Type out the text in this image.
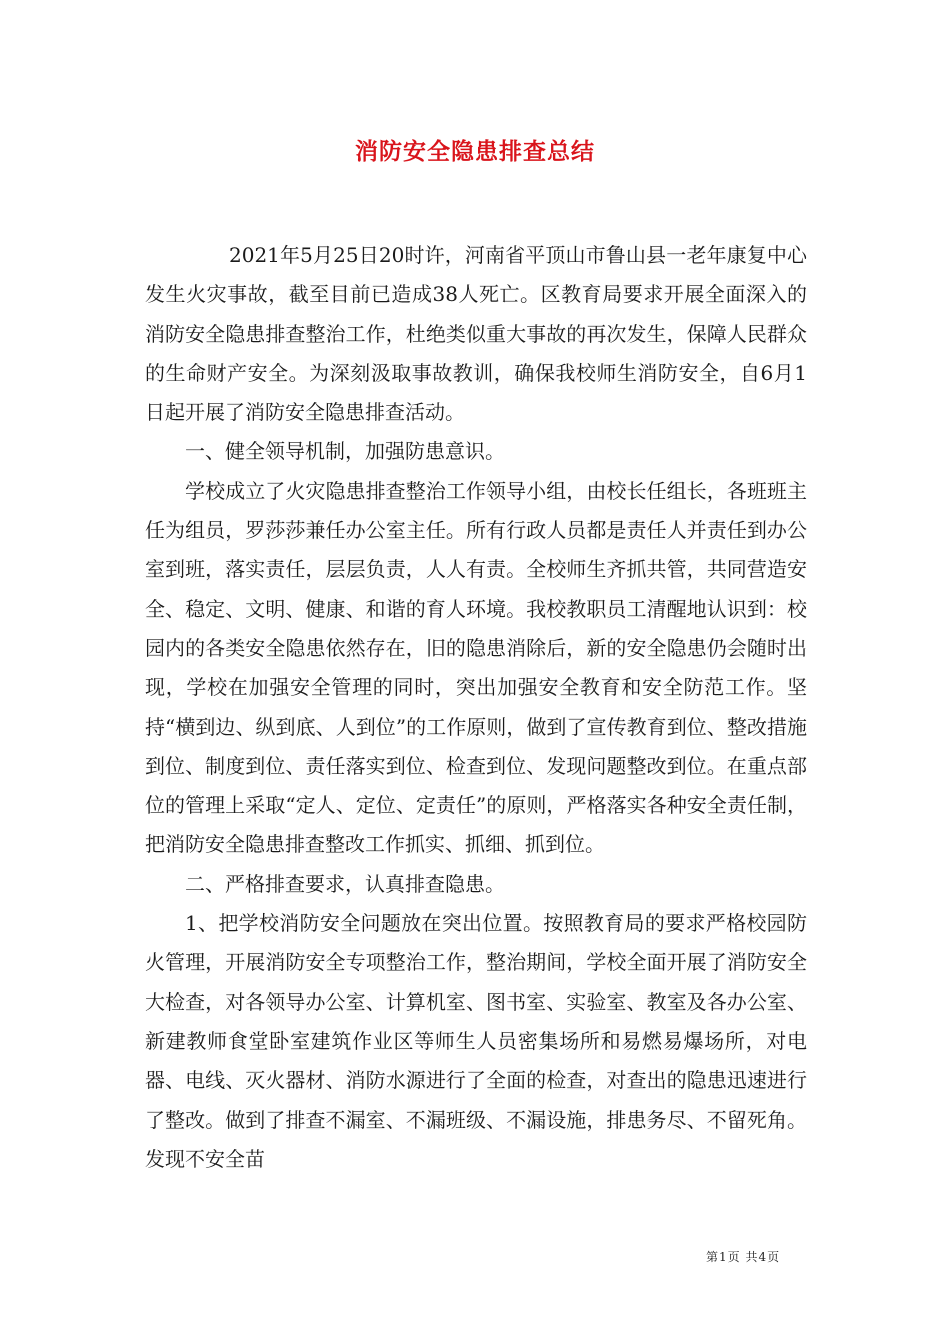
消防安全隐患排查总结

2021年5月25日20时许，河南省平顶山市鲁山县一老年康复中心发生火灾事故，截至目前已造成38人死亡。区教育局要求开展全面深入的消防安全隐患排查整治工作，杜绝类似重大事故的再次发生，保障人民群众的生命财产安全。为深刻汲取事故教训，确保我校师生消防安全，自6月1日起开展了消防安全隐患排查活动。

一、健全领导机制，加强防患意识。

学校成立了火灾隐患排查整治工作领导小组，由校长任组长，各班班主任为组员，罗莎莎兼任办公室主任。所有行政人员都是责任人并责任到办公室到班，落实责任，层层负责，人人有责。全校师生齐抓共管，共同营造安全、稳定、文明、健康、和谐的育人环境。我校教职员工清醒地认识到：校园内的各类安全隐患依然存在，旧的隐患消除后，新的安全隐患仍会随时出现，学校在加强安全管理的同时，突出加强安全教育和安全防范工作。坚持“横到边、纵到底、人到位”的工作原则，做到了宣传教育到位、整改措施到位、制度到位、责任落实到位、检查到位、发现问题整改到位。在重点部位的管理上采取“定人、定位、定责任”的原则，严格落实各种安全责任制，把消防安全隐患排查整改工作抓实、抓细、抓到位。

二、严格排查要求，认真排查隐患。

1、把学校消防安全问题放在突出位置。按照教育局的要求严格校园防火管理，开展消防安全专项整治工作，整治期间，学校全面开展了消防安全大检查，对各领导办公室、计算机室、图书室、实验室、教室及各办公室、新建教师食堂卧室建筑作业区等师生人员密集场所和易燃易爆场所，对电器、电线、灭火器材、消防水源进行了全面的检查，对查出的隐患迅速进行了整改。做到了排查不漏室、不漏班级、不漏设施，排患务尽、不留死角。发现不安全苗

第1页 共4页
